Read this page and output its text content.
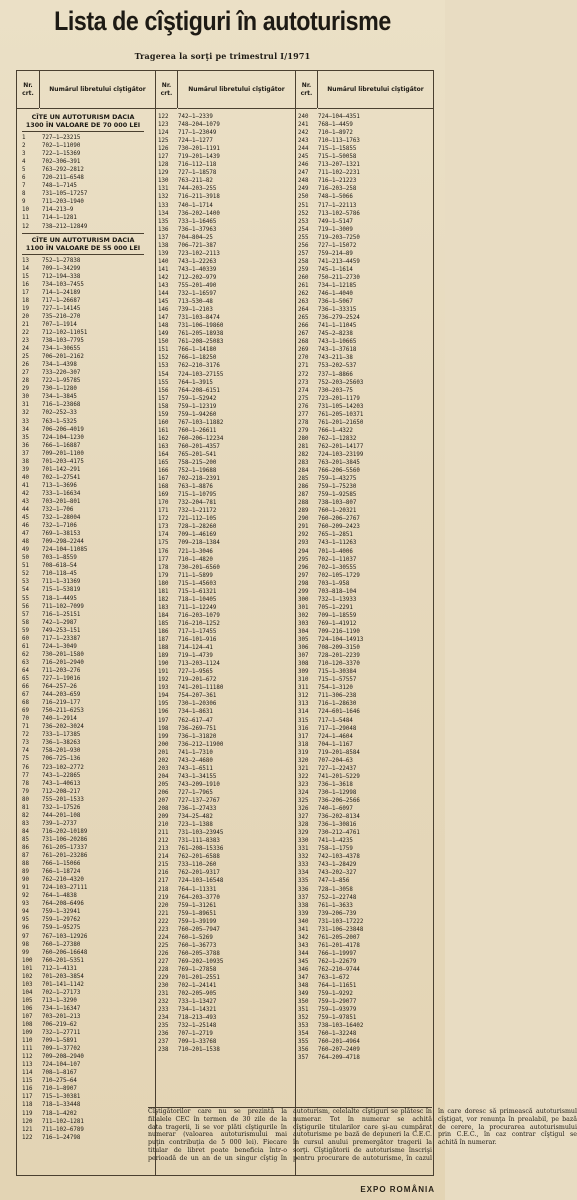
Lista de cîştiguri în autoturisme
Tragerea la sorţi pe trimestrul I/1971
Nr. crt.
Numărul libretului cîştigător
Nr. crt.
Numărul libretului cîştigător
Nr. crt.
Numărul libretului cîştigător
CÎTE UN AUTOTURISM DACIA 1300 ÎN VALOARE DE 70 000 LEI
1	727—1—23215
2	702—1—11090
3	722—1—15369
4	702—306—391
5	763—292—2812
6	720—211—6548
7	748—1—7145
8	731—105—17257
9	711—203—1940
10 714—213—9
11 714—1—1281
12 738—212—12849
CÎTE UN AUTOTURISM DACIA 1100 ÎN VALOARE DE 55 000 LEI
13 752—1—27838
14 709—1—34299
15 712—194—338
16 734—103—7455
17 714—1—24189
18 717—1—26687
19 727—1—14145
20 735—210—270
21 707—1—1914
22 712—102—11051
23 738—103—7795
24 734—1—30655
25 706—201—2162
26 734—1—4398
27 733—220—307
28 722—1—95785
29 730—1—1280
30 734—1—3845
31 716—1—23868
32 702—252—33
33 763—1—5325
34 706—206—4019
35 724—104—1230
36 766—1—16887
37 709—201—1100
38 701—203—4175
39 701—142—291
40 702—1—27541
41 713—1—3696
42 733—1—16634
43 703—201—801
44 732—1—706
45 732—1—28004
46 732—1—7106
47 769—1—38153
48 709—298—2244
49 724—104—11085
50 703—1—8559
51 708—618—54
52 710—118—45
53 711—1—31369
54 715—1—53819
55 718—1—4495
56 711—102—7099
57 716—1—25151
58 742—1—2987
59 749—253—151
60 717—1—23387
61 724—1—3049
62 730—201—1580
63 716—201—2940
64 711—203—276
65 727—1—19016
66 764—257—26
67 744—203—659
68 716—219—177
69 750—211—6253
70 740—1—2914
71 736—202—3024
72 733—1—17385
73 736—1—38263
74 758—201—930
75 706—725—136
76 723—102—2772
77 743—1—22865
78 743—1—40613
79 712—208—217
80 755—201—1533
81 732—1—17526
82 744—201—108
83 739—1—2737
84 716—202—10189
85 731—106—20286
86 761—205—17337
87 761—201—23286
88 766—1—15066
89 766—1—18724
90 762—210—4320
91 724—103—27111
92 764—1—4838
93 764—208—6496
94 759—1—32941
95 759—1—29762
96 759—1—95275
97 767—103—12926
98 760—1—27380
99 760—206—16648
100 760—201—5351
101 712—1—4131
102 701—203—3854
103 701—141—1142
104 702—1—27173
105 713—1—3290
106 734—1—16347
107 703—201—213
108 706—219—62
109 732—1—27711
110 709—1—5891
111 709—1—37702
112 709—208—2940
113 724—104—107
114 708—1—8167
115 710—275—64
116 710—1—8907
117 715—1—30381
118 718—1—33448
119 718—1—4202
120 711—102—1281
121 711—102—6789
122 716—1—24798
122 742—1—2339
123 748—204—1079
124 717—1—23049
125 724—1—1277
126 730—201—1191
127 719—201—1439
128 716—112—118
129 727—1—18578
130 763—211—82
131 744—203—255
132 716—211—3918
133 740—1—1714
134 736—202—1400
135 733—1—16465
136 736—1—37963
137 704—804—25
138 706—721—387
139 723—102—2113
140 743—1—22263
141 743—1—40339
142 712—202—979
143 755—201—490
144 732—1—16597
145 713—530—48
146 739—1—2103
147 731—103—8474
148 731—106—19860
149 761—205—18938
150 761—208—25083
151 766—1—14180
152 766—1—18250
153 762—210—3176
154 724—103—27155
155 764—1—3915
156 764—208—6151
157 759—1—52942
158 759—1—12319
159 759—1—94260
160 767—103—11882
161 760—1—26611
162 760—206—12234
163 760—201—4357
164 765—201—541
165 758—215—200
166 752—1—19688
167 702—218—2391
168 763—1—8876
169 715—1—10795
170 732—204—781
171 732—1—21172
172 721—112—105
173 728—1—28260
174 709—1—46169
175 709—218—1384
176 721—1—3046
177 710—1—4820
178 730—201—6560
179 711—1—5899
180 715—1—45603
181 715—1—61321
182 718—1—10405
183 711—1—12249
184 716—203—1079
185 716—210—1252
186 717—1—17455
187 716—101—916
188 714—124—41
189 719—1—4739
190 713—203—1124
191 727—1—9565
192 719—201—672
193 741—201—11180
194 754—207—361
195 730—1—20306
196 734—1—8631
197 762—617—47
198 736—269—751
199 736—1—31820
200 736—212—11900
201 741—1—7310
202 743—2—4680
203 743—1—6511
204 743—1—34155
205 743—209—1910
206 727—1—7965
207 727—137—2767
208 736—1—27433
209 734—25—482
210 723—1—1388
211 731—103—23945
212 731—111—8383
213 761—208—15336
214 762—201—6588
215 733—110—260
216 762—201—9317
217 724—103—16548
218 764—1—11331
219 764—203—3770
220 759—1—31261
221 759—1—89651
222 759—1—39199
223 760—205—7947
224 760—1—5269
225 760—1—36773
226 760—205—3788
227 769—202—10935
228 769—1—27858
229 701—201—2551
230 702—1—24141
231 702—205—905
232 733—1—13427
233 734—1—14321
234 718—213—493
235 732—1—25148
236 707—1—2719
237 709—1—33768
238 710—201—1538
240 724—104—4351
241 768—1—4459
242 710—1—8972
243 710—113—1763
244 715—1—15855
245 715—1—50058
246 713—207—1321
247 711—102—2231
248 716—1—21223
249 716—203—258
250 748—1—5066
251 717—1—22113
252 713—102—5786
253 749—1—5147
254 719—1—3009
255 719—203—7250
256 727—1—15072
257 759—214—89
258 741—213—4459
259 745—1—1614
260 750—211—2730
261 734—1—12185
262 746—1—4040
263 736—1—5067
264 736—1—33315
265 736—279—2524
266 741—1—11045
267 745—2—8238
268 743—1—10665
269 743—1—37618
270 743—211—38
271 753—202—537
272 737—1—8866
273 752—203—25603
274 730—203—75
275 723—201—1179
276 731—105—14203
277 761—205—10371
278 761—201—21650
279 766—1—4322
280 762—1—12832
281 762—201—14177
282 724—103—23199
283 763—201—3845
284 766—206—5560
285 759—1—43275
286 759—1—75230
287 759—1—92585
288 738—103—807
289 760—1—20321
290 760—206—2767
291 760—209—2423
292 765—1—2851
293 743—1—11263
294 701—1—4006
295 702—1—11037
296 702—1—30555
297 702—105—1729
298 703—1—958
299 703—818—104
300 732—1—13933
301 705—1—2291
302 709—1—18559
303 769—1—41912
304 709—216—1190
305 724—104—14913
306 708—209—3150
307 728—201—2239
308 710—120—3370
309 715—1—30384
310 715—1—57557
311 754—1—3120
312 711—306—238
313 716—1—28630
314 724—601—1646
315 717—1—5484
316 717—1—29048
317 724—1—4604
318 704—1—1167
319 719—201—8584
320 707—204—63
321 727—1—22437
322 741—201—5229
323 736—1—3618
324 730—1—12998
325 736—206—2566
326 740—1—6097
327 736—202—8134
328 736—1—30816
329 730—212—4761
330 741—1—4235
331 758—1—1759
332 742—103—4378
333 743—1—28429
334 743—202—327
335 747—1—856
336 728—1—3058
337 752—1—22748
338 761—1—3633
339 739—206—739
340 731—103—17222
341 731—106—23848
342 761—205—2007
343 761—201—4178
344 766—1—19997
345 762—1—22679
346 762—210—9744
347 763—1—672
348 764—1—11651
349 759—1—9292
350 759—1—29077
351 759—1—93979
352 759—1—97851
353 738—103—16402
354 760—1—32248
355 760—201—4964
356 760—207—2409
357 764—209—4718
Cîştigătorilor care nu se prezintă la filialele CEC în termen de 30 zile de la data tragerii, li se vor plăti cîştigurile în numerar (valoarea autoturismului mai puţin contribuţia de 5 000 lei). Fiecare titular de libret poate beneficia într-o perioadă de un an de un singur cîştig în autoturism, celelalte cîştiguri se plătesc în numerar. Tot în numerar se achită cîştigurile titularilor care şi-au cumpărat autoturisme pe bază de depuneri la C.E.C. în cursul anului premergător tragerii la sorţi. Cîştigătorii de autoturisme înscrişi pentru procurare de autoturisme, în cazul în care doresc să primească autoturismul cîştigat, vor renunţa în prealabil, pe bază de cerere, la procurarea autoturismului prin C.E.C., în caz contrar cîştigul se achită în numerar.
EXPO ROMÂNIA
